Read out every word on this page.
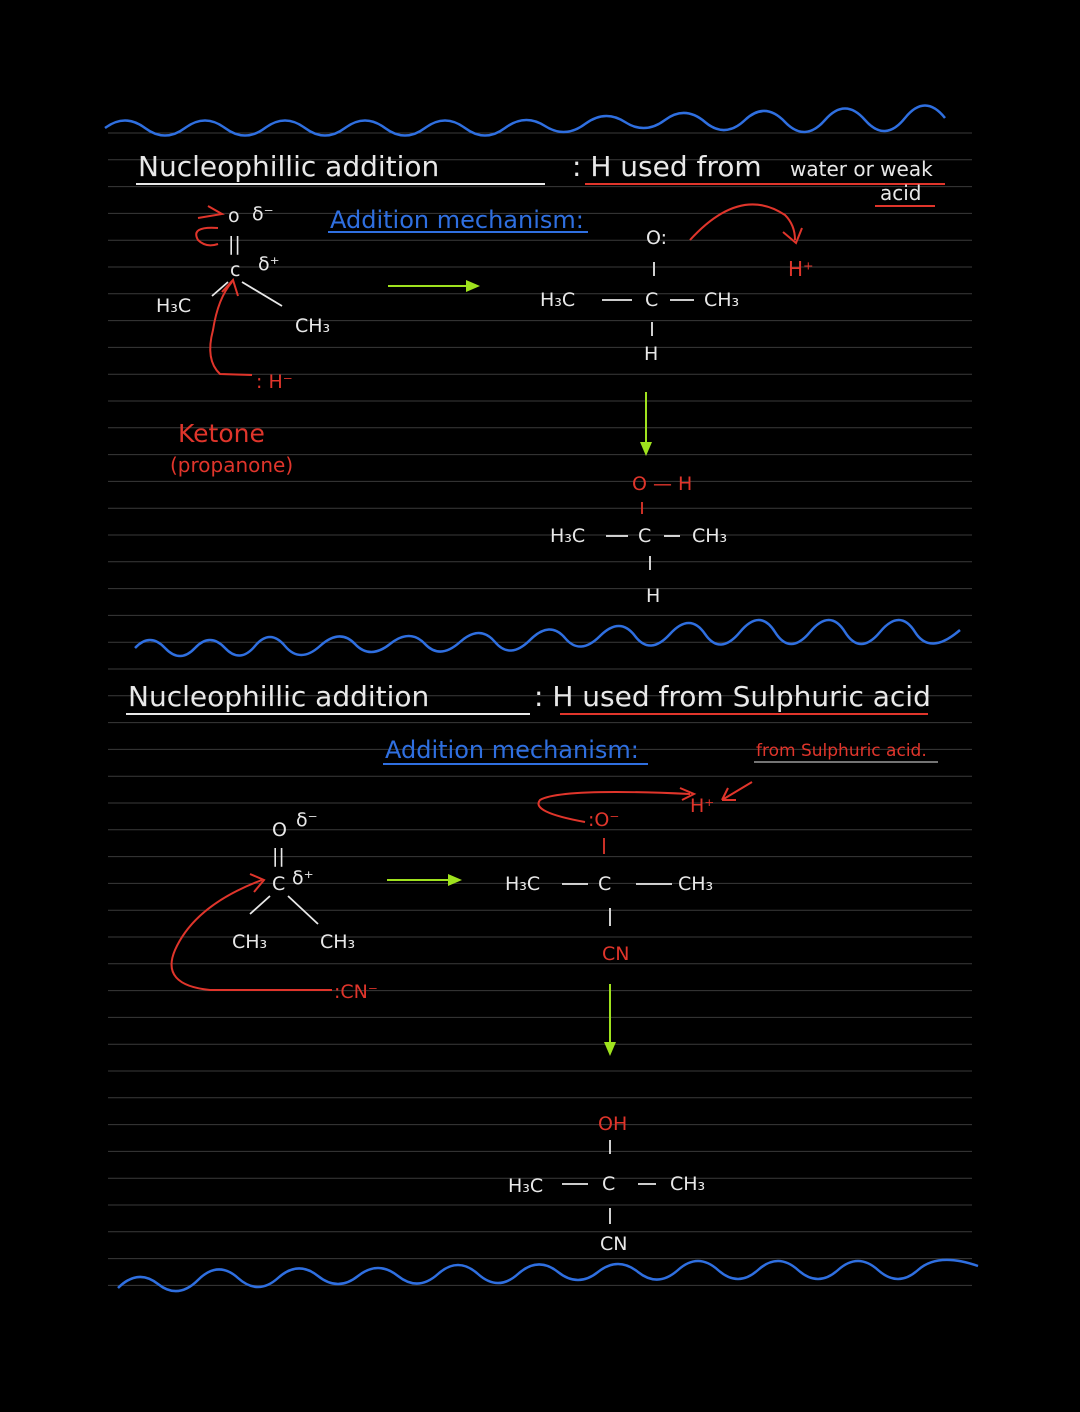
Nucleophillic addition	: H used from water or weak
acid
Addition mechanism:
o δ⁻
||
c δ⁺
H₃C
CH₃
: H⁻
Ketone
(propanone)
O:
H₃C	C CH₃
H
H⁺
O — H
H₃C	C CH₃
H
Nucleophillic addition	: H used from Sulphuric acid
Addition mechanism:	from Sulphuric acid.
O δ⁻
||
C δ⁺
CH₃	CH₃
:CN⁻
:O⁻
H⁺
H₃C	C	CH₃
CN
OH
H₃C	C	CH₃
CN
